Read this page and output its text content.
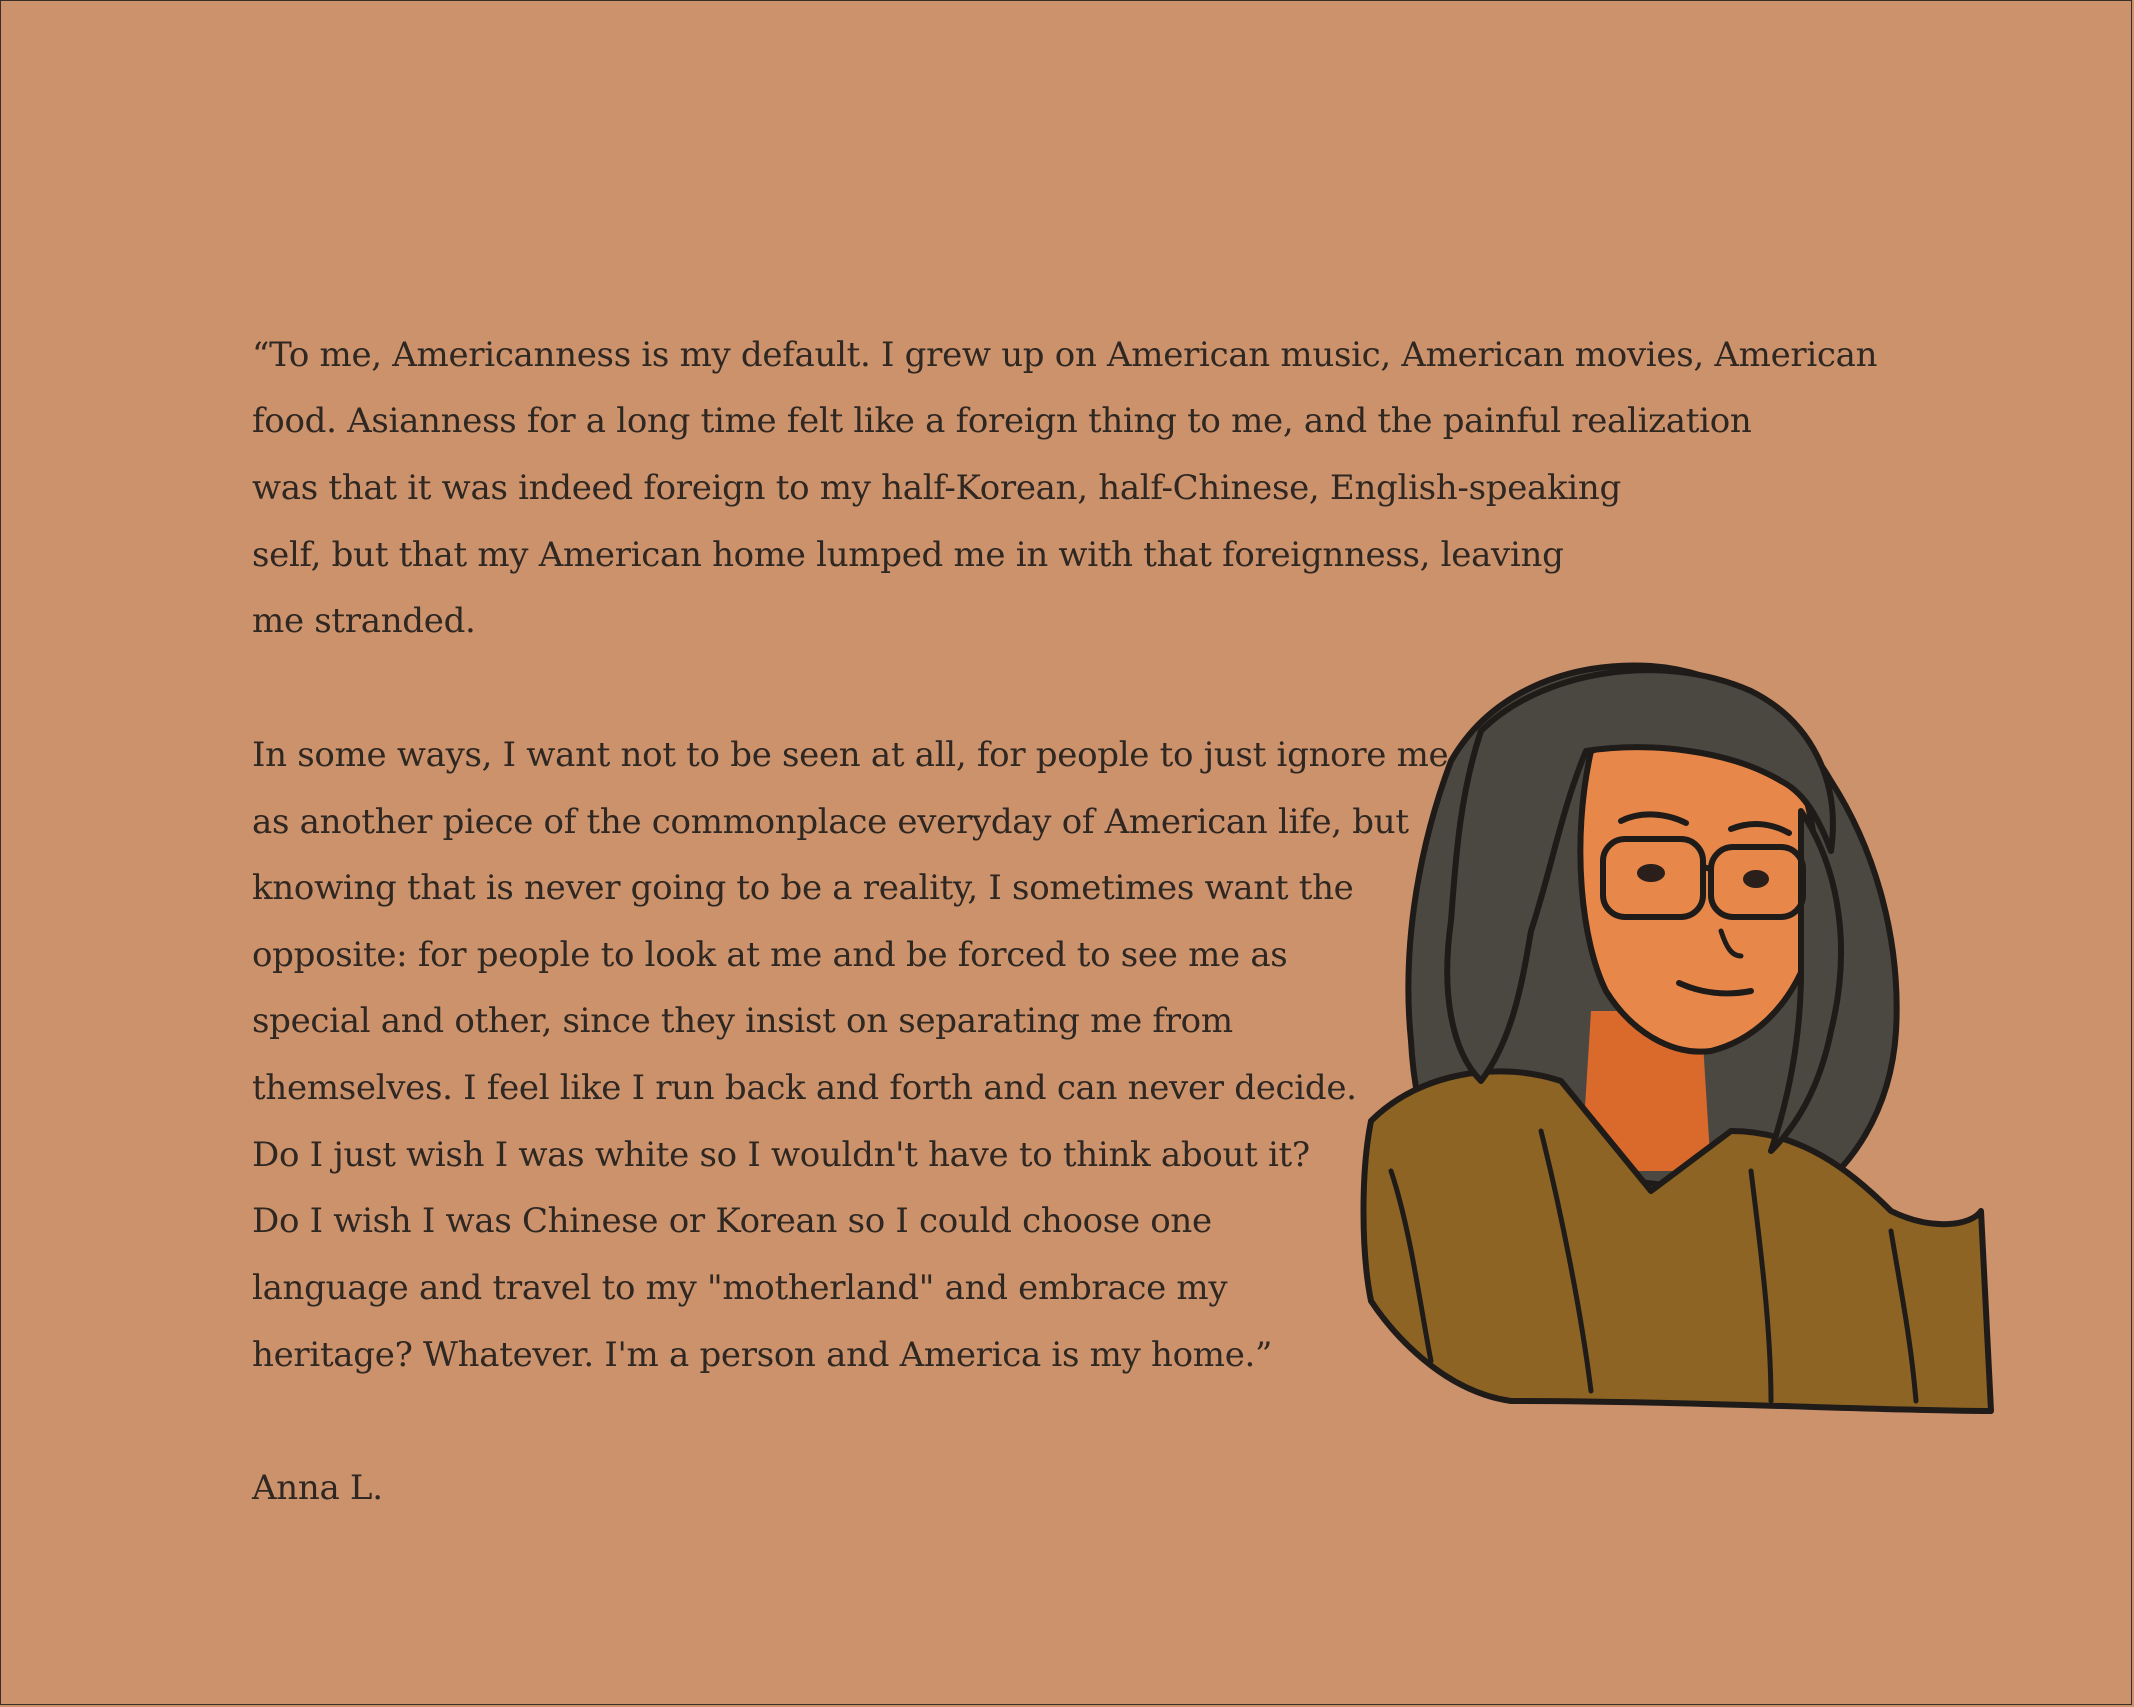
“To me, Americanness is my default. I grew up on American music, American movies, American
food. Asianness for a long time felt like a foreign thing to me, and the painful realization
was that it was indeed foreign to my half-Korean, half-Chinese, English-speaking
self, but that my American home lumped me in with that foreignness, leaving
me stranded.
In some ways, I want not to be seen at all, for people to just ignore me
as another piece of the commonplace everyday of American life, but
knowing that is never going to be a reality, I sometimes want the
opposite: for people to look at me and be forced to see me as
special and other, since they insist on separating me from
themselves. I feel like I run back and forth and can never decide.
Do I just wish I was white so I wouldn't have to think about it?
Do I wish I was Chinese or Korean so I could choose one
language and travel to my "motherland" and embrace my
heritage? Whatever. I'm a person and America is my home.”
Anna L.
